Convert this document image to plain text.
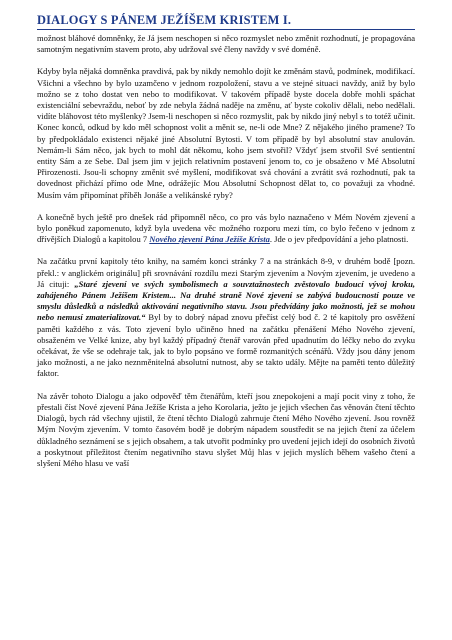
DIALOGY S PÁNEM JEŽÍŠEM KRISTEM I.

možnost bláhové domněnky, že Já jsem neschopen si něco rozmyslet nebo změnit rozhodnutí, je propagována samotným negativním stavem proto, aby udržoval své členy navždy v své doméně.

Kdyby byla nějaká domněnka pravdivá, pak by nikdy nemohlo dojít ke změnám stavů, podmínek, modifikací. Všichni a všechno by bylo uzamčeno v jednom rozpoložení, stavu a ve stejné situaci navždy, aniž by bylo možno se z toho dostat ven nebo to modifikovat. V takovém případě byste docela dobře mohli spáchat existenciální sebevraždu, neboť by zde nebyla žádná naděje na změnu, ať byste cokoliv dělali, nebo nedělali. vidíte bláhovost této myšlenky? Jsem-li neschopen si něco rozmyslit, pak by nikdo jiný nebyl s to totéž učinit. Konec konců, odkud by kdo měl schopnost volit a měnit se, ne-li ode Mne? Z nějakého jiného pramene? To by předpokládalo existenci nějaké jiné Absolutní Bytosti. V tom případě by byl absolutní stav anulován. Nemám-li Sám něco, jak bych to mohl dát někomu, koho jsem stvořil? Vždyť jsem stvořil Své sentientní entity Sám a ze Sebe. Dal jsem jim v jejich relativním postavení jenom to, co je obsaženo v Mé Absolutní Přirozenosti. Jsou-li schopny změnit své myšlení, modifikovat svá chování a zvrátit svá rozhodnutí, pak ta dovednost přichází přímo ode Mne, odrážejíc Mou Absolutní Schopnost dělat to, co považuji za vhodné. Musím vám připomínat příběh Jonáše a velikánské ryby?

A konečně bych ještě pro dnešek rád připomněl něco, co pro vás bylo naznačeno v Mém Novém zjevení a bylo poněkud zapomenuto, když byla uvedena věc možného rozporu mezi tím, co bylo řečeno v jednom z dřívějších Dialogů a kapitolou 7 Nového zjevení Pána Ježíše Krista. Jde o jev předpovídání a jeho platnosti.

Na začátku první kapitoly této knihy, na samém konci stránky 7 a na stránkách 8-9, v druhém bodě [pozn. překl.: v anglickém originálu] při srovnávání rozdílu mezi Starým zjevením a Novým zjevením, je uvedeno a Já cituji: „Staré zjevení ve svých symbolismech a souvztažnostech zvěstovalo budoucí vývoj kroku, zahájeného Pánem Ježíšem Kristem... Na druhé straně Nové zjevení se zabývá budoucností pouze ve smyslu důsledků a následků aktivování negativního stavu. Jsou předvídány jako možnosti, jež se mohou nebo nemusí zmaterializovat.“ Byl by to dobrý nápad znovu přečíst celý bod č. 2 té kapitoly pro osvěžení paměti každého z vás. Toto zjevení bylo učiněno hned na začátku přenášení Mého Nového zjevení, obsaženém ve Velké knize, aby byl každý případný čtenář varován před upadnutím do léčky nebo do zvyku očekávat, že vše se odehraje tak, jak to bylo popsáno ve formě rozmanitých scénářů. Vždy jsou dány jenom jako možnosti, a ne jako neznměnitelná absolutní nutnost, aby se takto udály. Mějte na paměti tento důležitý faktor.

Na závěr tohoto Dialogu a jako odpověď těm čtenářům, kteří jsou znepokojeni a mají pocit viny z toho, že přestali číst Nové zjevení Pána Ježíše Krista a jeho Korolaria, ježto je jejich všechen čas věnován čtení těchto Dialogů, bych rád všechny ujistil, že čtení těchto Dialogů zahrnuje čtení Mého Nového zjevení. Jsou rovněž Mým Novým zjevením. V tomto časovém bodě je dobrým nápadem soustředit se na jejich čtení za účelem důkladného seznámení se s jejich obsahem, a tak utvořit podmínky pro uvedení jejich idejí do osobních životů a poskytnout příležitost čtením negativního stavu slyšet Můj hlas v jejich myslích během vašeho čtení a slyšení Mého hlasu ve vaší
